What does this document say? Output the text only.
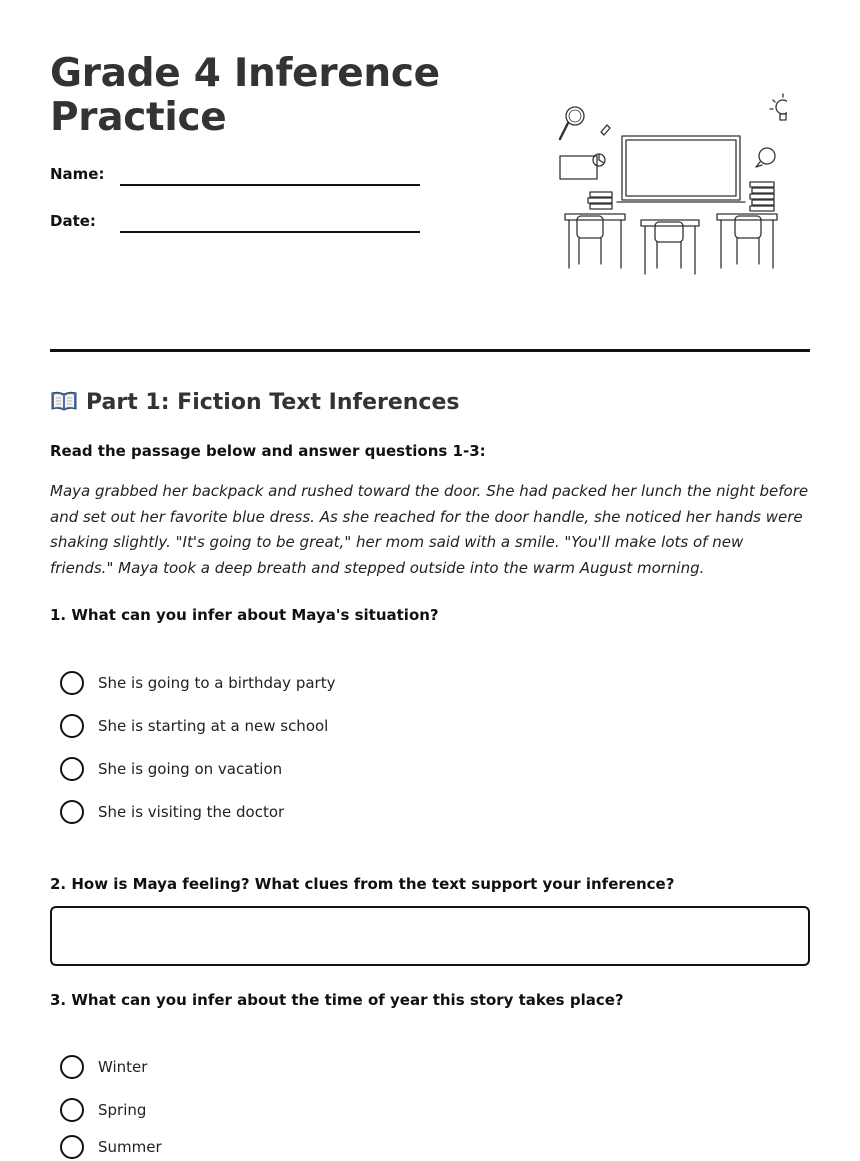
Grade 4 Inference
Practice
Name:
Date:
Part 1: Fiction Text Inferences
Read the passage below and answer questions 1-3:

Maya grabbed her backpack and rushed toward the door. She had packed her lunch the night before and set out her favorite blue dress. As she reached for the door handle, she noticed her hands were shaking slightly. "It's going to be great," her mom said with a smile. "You'll make lots of new friends." Maya took a deep breath and stepped outside into the warm August morning.

1. What can you infer about Maya's situation?
She is going to a birthday party
She is starting at a new school
She is going on vacation
She is visiting the doctor
2. How is Maya feeling? What clues from the text support your inference?
3. What can you infer about the time of year this story takes place?
Winter
Spring
Summer
